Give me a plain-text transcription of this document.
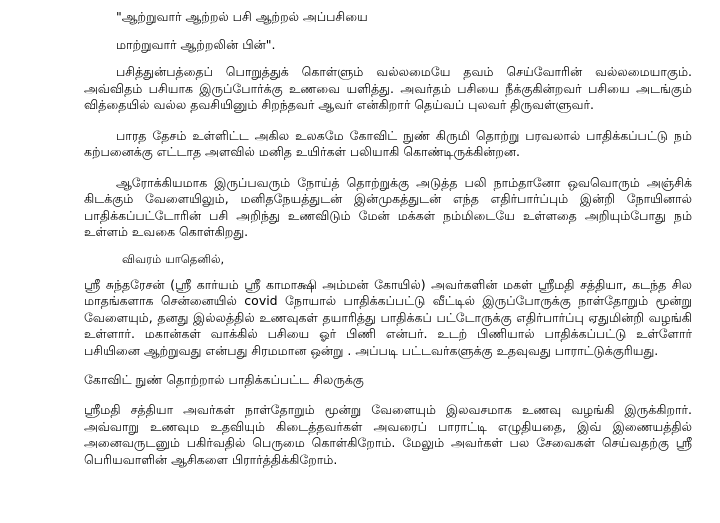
"ஆற்றுவார் ஆற்றல் பசி ஆற்றல் அப்பசியை

மாற்றுவார் ஆற்றலின் பின்".

பசித்துன்பத்தைப் பொறுத்துக் கொள்ளும் வல்லமையே தவம் செய்வோரின் வல்லமையாகும். அவ்விதம் பசியாக இருப்போர்க்கு உணவை யளித்து. அவர்தம் பசியை நீக்குகின்றவர் பசியை அடங்கும் வித்தையில் வல்ல தவசியினும் சிறந்தவர் ஆவர் என்கிறார் தெய்வப் புலவர் திருவள்ளுவர்.

பாரத தேசம் உள்ளிட்ட அகில உலகமே கோவிட் நுண் கிருமி தொற்று பரவலால் பாதிக்கப்பட்டு நம் கற்பனைக்கு எட்டாத அளவில் மனித உயிர்கள் பலியாகி கொண்டிருக்கின்றன.

ஆரோக்கியமாக இருப்பவரும் நோய்த் தொற்றுக்கு அடுத்த பலி நாம்தானோ ஒவவொரும் அஞ்சிக் கிடக்கும் வேளையிலும், மனிதநேயத்துடன் இன்முகத்துடன் எந்த எதிர்பார்ப்பும் இன்றி நோயினால் பாதிக்கப்பட்டோரின் பசி அறிந்து உணவிடும் மேன் மக்கள் நம்மிடையே உள்ளதை அறியும்போது நம் உள்ளம் உவகை கொள்கிறது.

விவரம் யாதெனில்,

ஸ்ரீ சுந்தரேசன் (ஸ்ரீ கார்யம் ஸ்ரீ காமாக்ஷி அம்மன் கோயில்) அவர்களின் மகள் ஸ்ரீமதி சத்தியா, கடந்த சில மாதங்களாக சென்னையில் covid நோயால் பாதிக்கப்பட்டு வீட்டில் இருப்போருக்கு நாள்தோறும் மூன்று வேளையும், தனது இல்லத்தில் உணவுகள் தயாரித்து பாதிக்கப் பட்டோருக்கு எதிர்பார்ப்பு ஏதுமின்றி வழங்கி உள்ளார். மகான்கள் வாக்கில் பசியை ஓர் பிணி என்பர். உடற் பிணியால் பாதிக்கப்பட்டு உள்ளோர் பசியினை ஆற்றுவது என்பது சிரமமான ஒன்று . அப்படி பட்டவர்களுக்கு உதவுவது பாராட்டுக்குரியது.

கோவிட் நுண் தொற்றால் பாதிக்கப்பட்ட சிலருக்கு

ஸ்ரீமதி சத்தியா அவர்கள் நாள்தோறும் மூன்று வேளையும் இலவசமாக உணவு வழங்கி இருக்கிறார். அவ்வாறு உணவும உதவியும் கிடைத்தவர்கள் அவரைப் பாராட்டி எழுதியதை, இவ் இணையத்தில் அனைவருடனும் பகிர்வதில் பெருமை கொள்கிறோம். மேலும் அவர்கள் பல சேவைகள் செய்வதற்கு ஸ்ரீ பெரியவாளின் ஆசிகளை பிரார்த்திக்கிறோம்.
